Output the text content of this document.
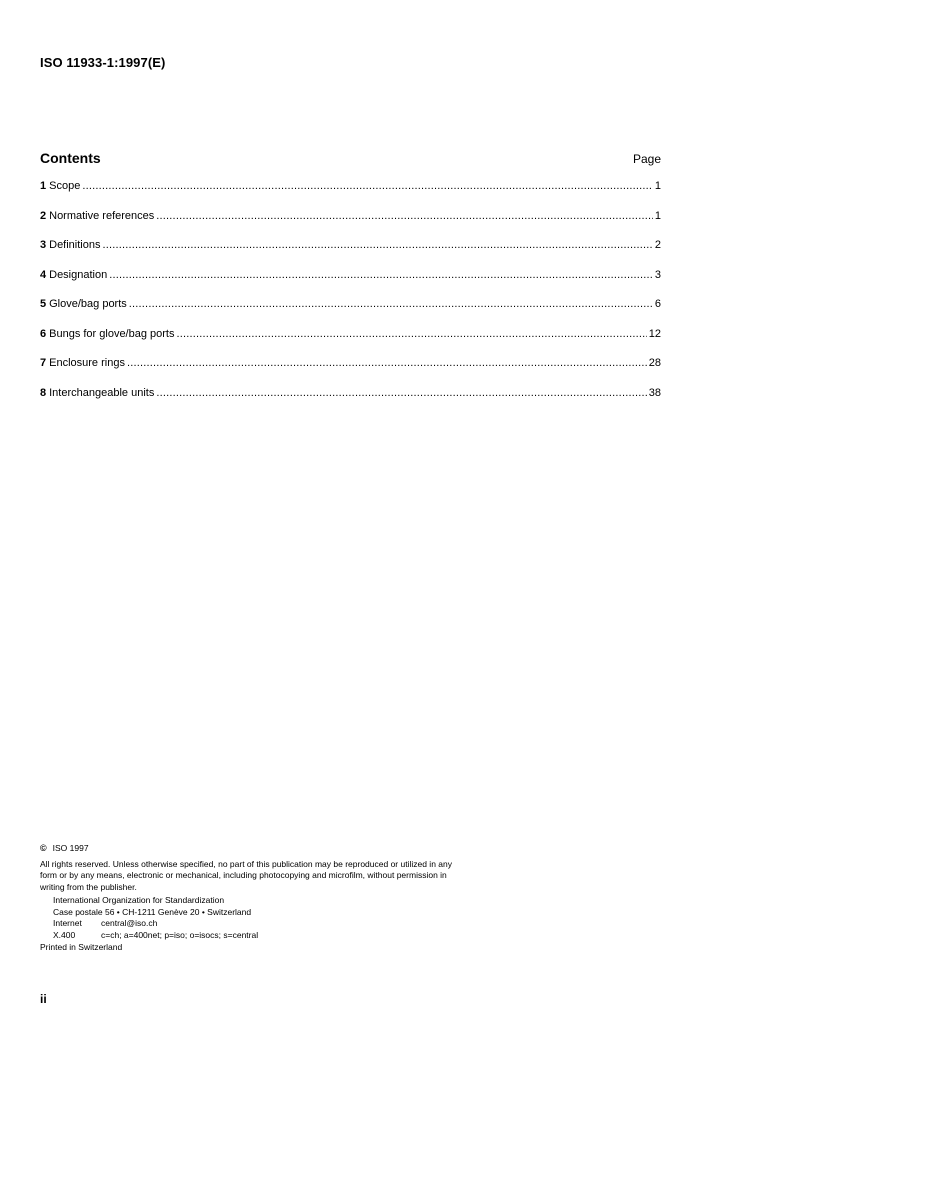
ISO 11933-1:1997(E)
Contents	Page
1 Scope .....	1
2 Normative references .....	1
3 Definitions .....	2
4 Designation .....	3
5 Glove/bag ports .....	6
6 Bungs for glove/bag ports .....	12
7 Enclosure rings .....	28
8 Interchangeable units .....	38
© ISO 1997

All rights reserved. Unless otherwise specified, no part of this publication may be reproduced or utilized in any form or by any means, electronic or mechanical, including photocopying and microfilm, without permission in writing from the publisher.

International Organization for Standardization
Case postale 56 • CH-1211 Genève 20 • Switzerland
Internet	central@iso.ch
X.400	c=ch; a=400net; p=iso; o=isocs; s=central
Printed in Switzerland
ii
